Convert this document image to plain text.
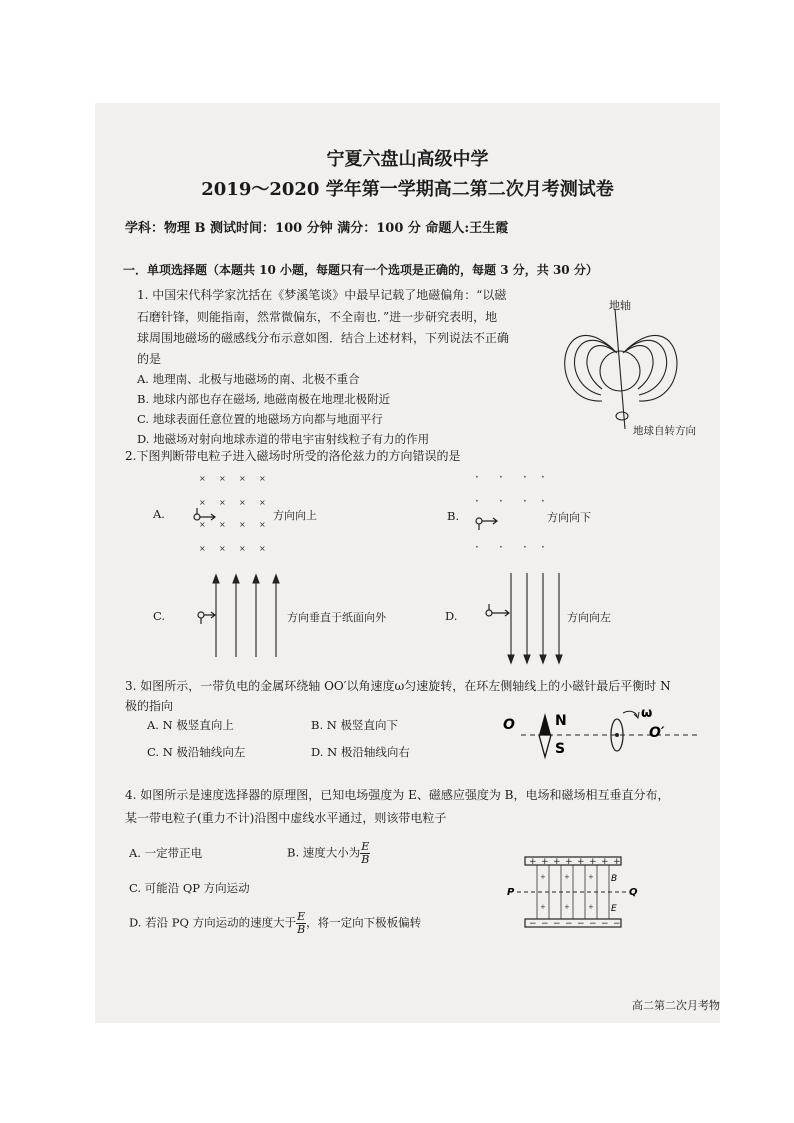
宁夏六盘山高级中学
2019～2020 学年第一学期高二第二次月考测试卷
学科：物理 B 测试时间：100 分钟 满分：100 分 命题人:王生霞
一．单项选择题（本题共 10 小题，每题只有一个选项是正确的，每题 3 分，共 30 分）
1. 中国宋代科学家沈括在《梦溪笔谈》中最早记载了地磁偏角：“以磁
石磨针锋，则能指南，然常微偏东，不全南也．”进一步研究表明，地
球周围地磁场的磁感线分布示意如图．结合上述材料，下列说法不正确
的是
A. 地理南、北极与地磁场的南、北极不重合
B. 地球内部也存在磁场, 地磁南极在地理北极附近
C. 地球表面任意位置的地磁场方向都与地面平行
D. 地磁场对射向地球赤道的带电宇宙射线粒子有力的作用
地轴
地球自转方向
2.下图判断带电粒子进入磁场时所受的洛伦兹力的方向错误的是
A.
× × × ×
× × × ×
× × × ×
× × × ×
方向向上	B.
· · · ·
· · · ·
· · · ·
方向向下
C.	方向垂直于纸面向外	D.	方向向左
3. 如图所示，一带负电的金属环绕轴 OO′以角速度ω匀速旋转，在环左侧轴线上的小磁针最后平衡时 N
极的指向
A. N 极竖直向上	B. N 极竖直向下
C. N 极沿轴线向左	D. N 极沿轴线向右
O	N
S
ω
O′
4. 如图所示是速度选择器的原理图，已知电场强度为 E、磁感应强度为 B，电场和磁场相互垂直分布，
某一带电粒子(重力不计)沿图中虚线水平通过，则该带电粒子
A. 一定带正电	B. 速度大小为 $\frac{E}{B}$
C. 可能沿 QP 方向运动
D. 若沿 PQ 方向运动的速度大于 $\frac{E}{B}$ ，将一定向下极板偏转
+ + + + + + + +
− − − − − − − −
+	+	+
+	+	+
P	Q
B
E
高二第二次月考物
